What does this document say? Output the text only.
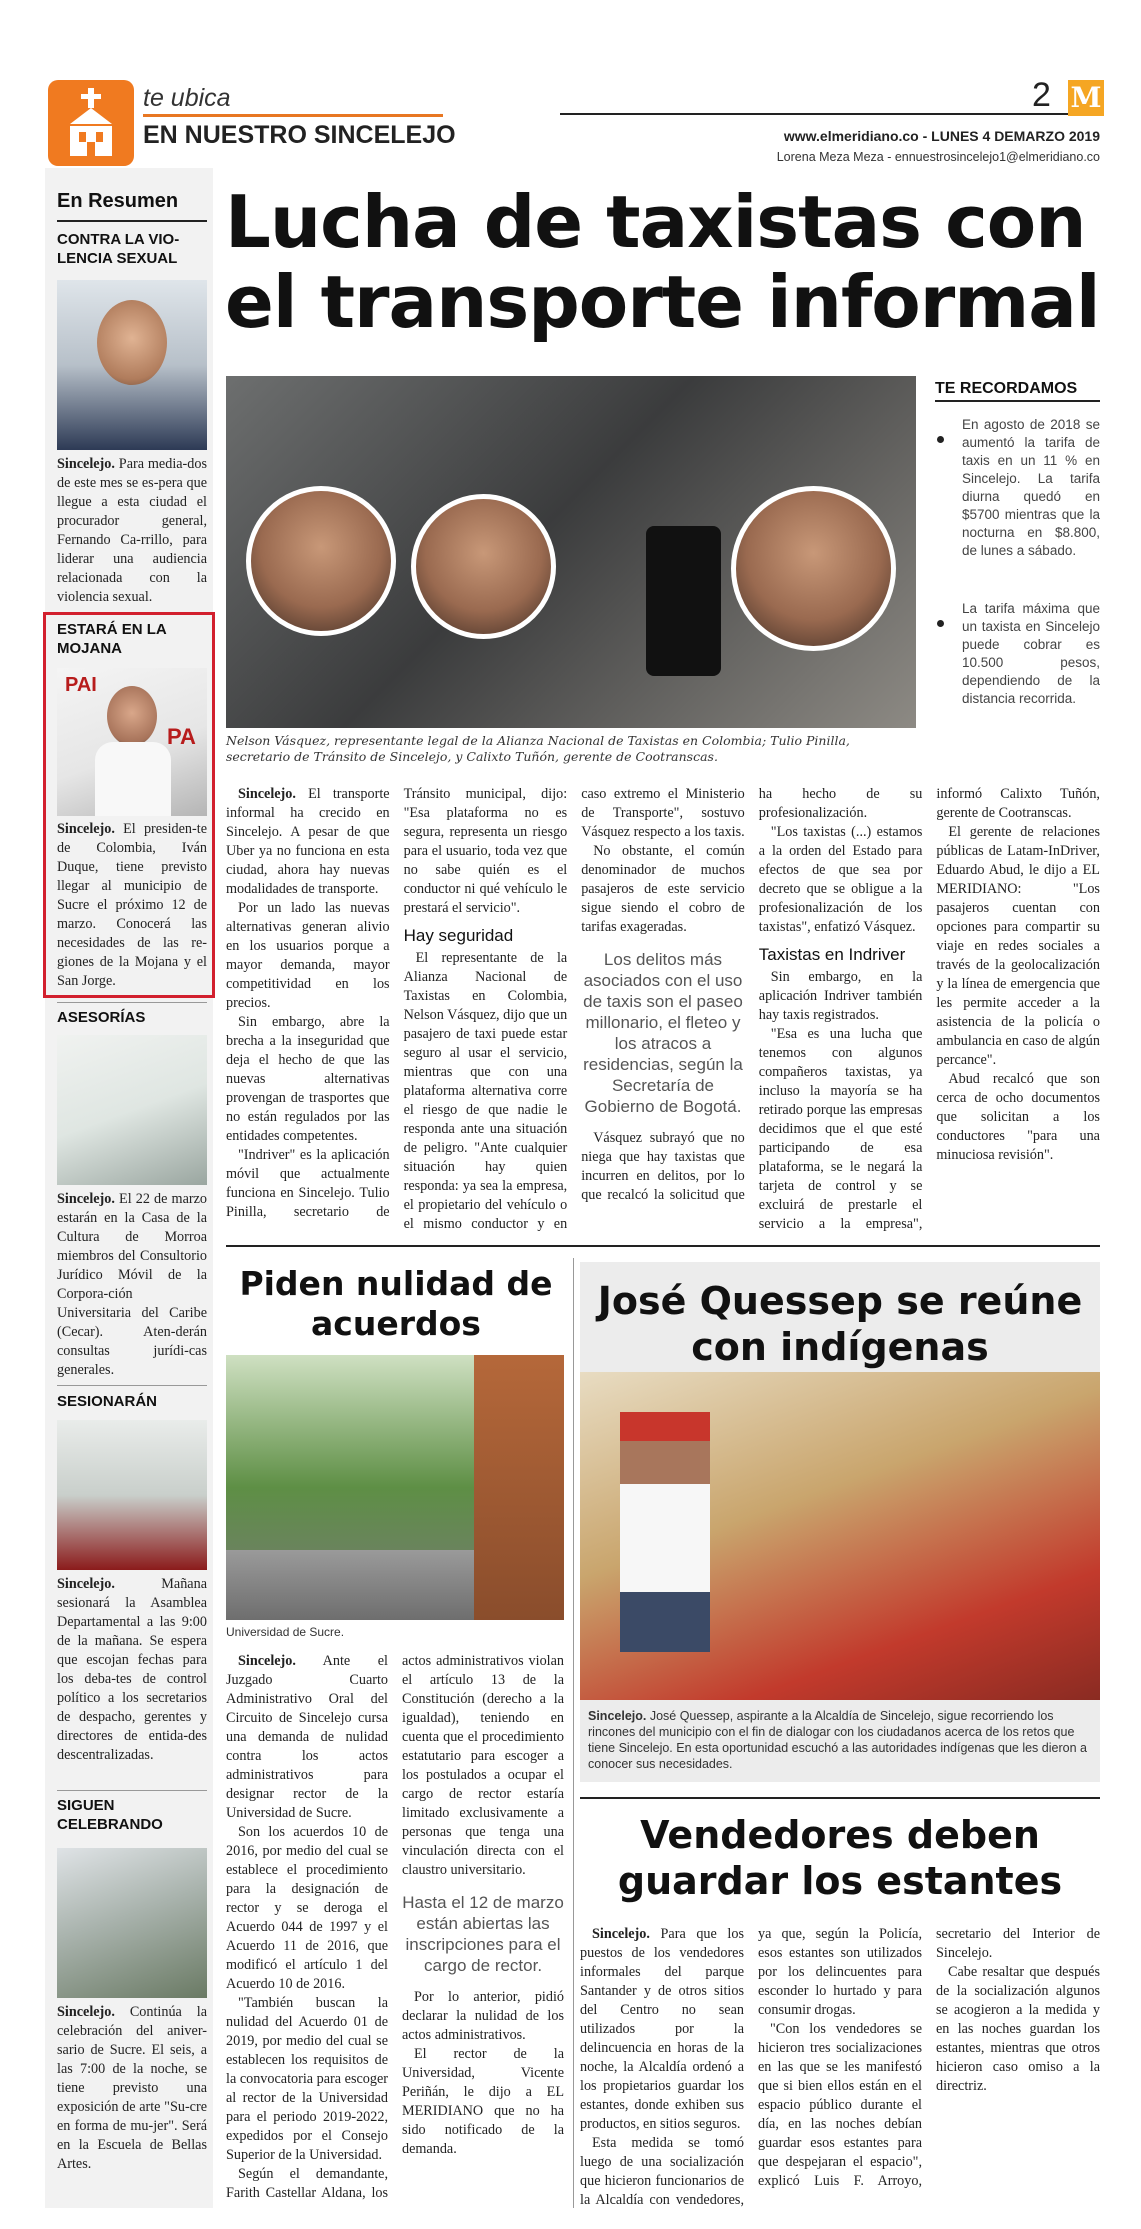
te ubica
EN NUESTRO SINCELEJO
2 M
www.elmeridiano.co - LUNES 4 DEMARZO 2019
Lorena Meza Meza - ennuestrosincelejo1@elmeridiano.co
En Resumen
CONTRA LA VIO-LENCIA SEXUAL
Sincelejo. Para media-dos de este mes se es-pera que llegue a esta ciudad el procurador general, Fernando Ca-rrillo, para liderar una audiencia relacionada con la violencia sexual.
ESTARÁ EN LA MOJANA
PAI
PA
Sincelejo. El presiden-te de Colombia, Iván Duque, tiene previsto llegar al municipio de Sucre el próximo 12 de marzo. Conocerá las necesidades de las re-giones de la Mojana y el San Jorge.
ASESORÍAS
Sincelejo. El 22 de marzo estarán en la Casa de la Cultura de Morroa miembros del Consultorio Jurídico Móvil de la Corpora-ción Universitaria del Caribe (Cecar). Aten-derán consultas jurídi-cas generales.
SESIONARÁN
Sincelejo. Mañana sesionará la Asamblea Departamental a las 9:00 de la mañana. Se espera que escojan fechas para los deba-tes de control político a los secretarios de despacho, gerentes y directores de entida-des descentralizadas.
SIGUEN CELEBRANDO
Sincelejo. Continúa la celebración del aniver-sario de Sucre. El seis, a las 7:00 de la noche, se tiene previsto una exposición de arte "Su-cre en forma de mu-jer". Será en la Escuela de Bellas Artes.
Lucha de taxistas con el transporte informal
Nelson Vásquez, representante legal de la Alianza Nacional de Taxistas en Colombia; Tulio Pinilla, secretario de Tránsito de Sincelejo, y Calixto Tuñón, gerente de Cootranscas.
TE RECORDAMOS
En agosto de 2018 se aumentó la tarifa de taxis en un 11 % en Sincelejo. La tarifa diurna quedó en $5700 mientras que la nocturna en $8.800, de lunes a sábado.
La tarifa máxima que un taxista en Sincelejo puede cobrar es 10.500 pesos, dependiendo de la distancia recorrida.

Sincelejo. El transporte informal ha crecido en Sincelejo. A pesar de que Uber ya no funciona en esta ciudad, ahora hay nuevas modalidades de transporte.

Por un lado las nuevas alternativas generan alivio en los usuarios porque a mayor demanda, mayor competitividad en los precios.

Sin embargo, abre la brecha a la inseguridad que deja el hecho de que las nuevas alternativas provengan de trasportes que no están regulados por las entidades competentes.

"Indriver" es la aplicación móvil que actualmente funciona en Sincelejo. Tulio Pinilla, secretario de Tránsito municipal, dijo: "Esa plataforma no es segura, representa un riesgo para el usuario, toda vez que no sabe quién es el conductor ni qué vehículo le prestará el servicio".

Hay seguridad

El representante de la Alianza Nacional de Taxistas en Colombia, Nelson Vásquez, dijo que un pasajero de taxi puede estar seguro al usar el servicio, mientras que con una plataforma alternativa corre el riesgo de que nadie le responda ante una situación de peligro. "Ante cualquier situación hay quien responda: ya sea la empresa, el propietario del vehículo o el mismo conductor y en caso extremo el Ministerio de Transporte", sostuvo Vásquez respecto a los taxis.

No obstante, el común denominador de muchos pasajeros de este servicio sigue siendo el cobro de tarifas exageradas.

Los delitos más asociados con el uso de taxis son el paseo millonario, el fleteo y los atracos a residencias, según la Secretaría de Gobierno de Bogotá.

Vásquez subrayó que no niega que hay taxistas que incurren en delitos, por lo que recalcó la solicitud que ha hecho de su profesionalización.

"Los taxistas (...) estamos a la orden del Estado para efectos de que sea por decreto que se obligue a la profesionalización de los taxistas", enfatizó Vásquez.

Taxistas en Indriver

Sin embargo, en la aplicación Indriver también hay taxis registrados.

"Esa es una lucha que tenemos con algunos compañeros taxistas, ya incluso la mayoría se ha retirado porque las empresas decidimos que el que esté participando de esa plataforma, se le negará la tarjeta de control y se excluirá de prestarle el servicio a la empresa", informó Calixto Tuñón, gerente de Cootranscas.

El gerente de relaciones públicas de Latam-InDriver, Eduardo Abud, le dijo a EL MERIDIANO: "Los pasajeros cuentan con opciones para compartir su viaje en redes sociales a través de la geolocalización y la línea de emergencia que les permite acceder a la asistencia de la policía o ambulancia en caso de algún percance".

Abud recalcó que son cerca de ocho documentos que solicitan a los conductores "para una minuciosa revisión".

Piden nulidad de acuerdos
Universidad de Sucre.

Sincelejo. Ante el Juzgado Cuarto Administrativo Oral del Circuito de Sincelejo cursa una demanda de nulidad contra los actos administrativos para designar rector de la Universidad de Sucre.

Son los acuerdos 10 de 2016, por medio del cual se establece el procedimiento para la designación de rector y se deroga el Acuerdo 044 de 1997 y el Acuerdo 11 de 2016, que modificó el artículo 1 del Acuerdo 10 de 2016.

"También buscan la nulidad del Acuerdo 01 de 2019, por medio del cual se establecen los requisitos de la convocatoria para escoger al rector de la Universidad para el periodo 2019-2022, expedidos por el Consejo Superior de la Universidad.

Según el demandante, Farith Castellar Aldana, los actos administrativos violan el artículo 13 de la Constitución (derecho a la igualdad), teniendo en cuenta que el procedimiento estatutario para escoger a los postulados a ocupar el cargo de rector estaría limitado exclusivamente a personas que tenga una vinculación directa con el claustro universitario.

Hasta el 12 de marzo están abiertas las inscripciones para el cargo de rector.

Por lo anterior, pidió declarar la nulidad de los actos administrativos.

El rector de la Universidad, Vicente Periñán, le dijo a EL MERIDIANO que no ha sido notificado de la demanda.

José Quessep se reúne con indígenas
Sincelejo. José Quessep, aspirante a la Alcaldía de Sincelejo, sigue recorriendo los rincones del municipio con el fin de dialogar con los ciudadanos acerca de los retos que tiene Sincelejo. En esta oportunidad escuchó a las autoridades indígenas que les dieron a conocer sus necesidades.
Vendedores deben guardar los estantes

Sincelejo. Para que los puestos de los vendedores informales del parque Santander y de otros sitios del Centro no sean utilizados por la delincuencia en horas de la noche, la Alcaldía ordenó a los propietarios guardar los estantes, donde exhiben sus productos, en sitios seguros.

Esta medida se tomó luego de una socialización que hicieron funcionarios de la Alcaldía con vendedores, ya que, según la Policía, esos estantes son utilizados por los delincuentes para esconder lo hurtado y para consumir drogas.

"Con los vendedores se hicieron tres socializaciones en las que se les manifestó que si bien ellos están en el espacio público durante el día, en las noches debían guardar esos estantes para que despejaran el espacio", explicó Luis F. Arroyo, secretario del Interior de Sincelejo.

Cabe resaltar que después de la socialización algunos se acogieron a la medida y en las noches guardan los estantes, mientras que otros hicieron caso omiso a la directriz.
